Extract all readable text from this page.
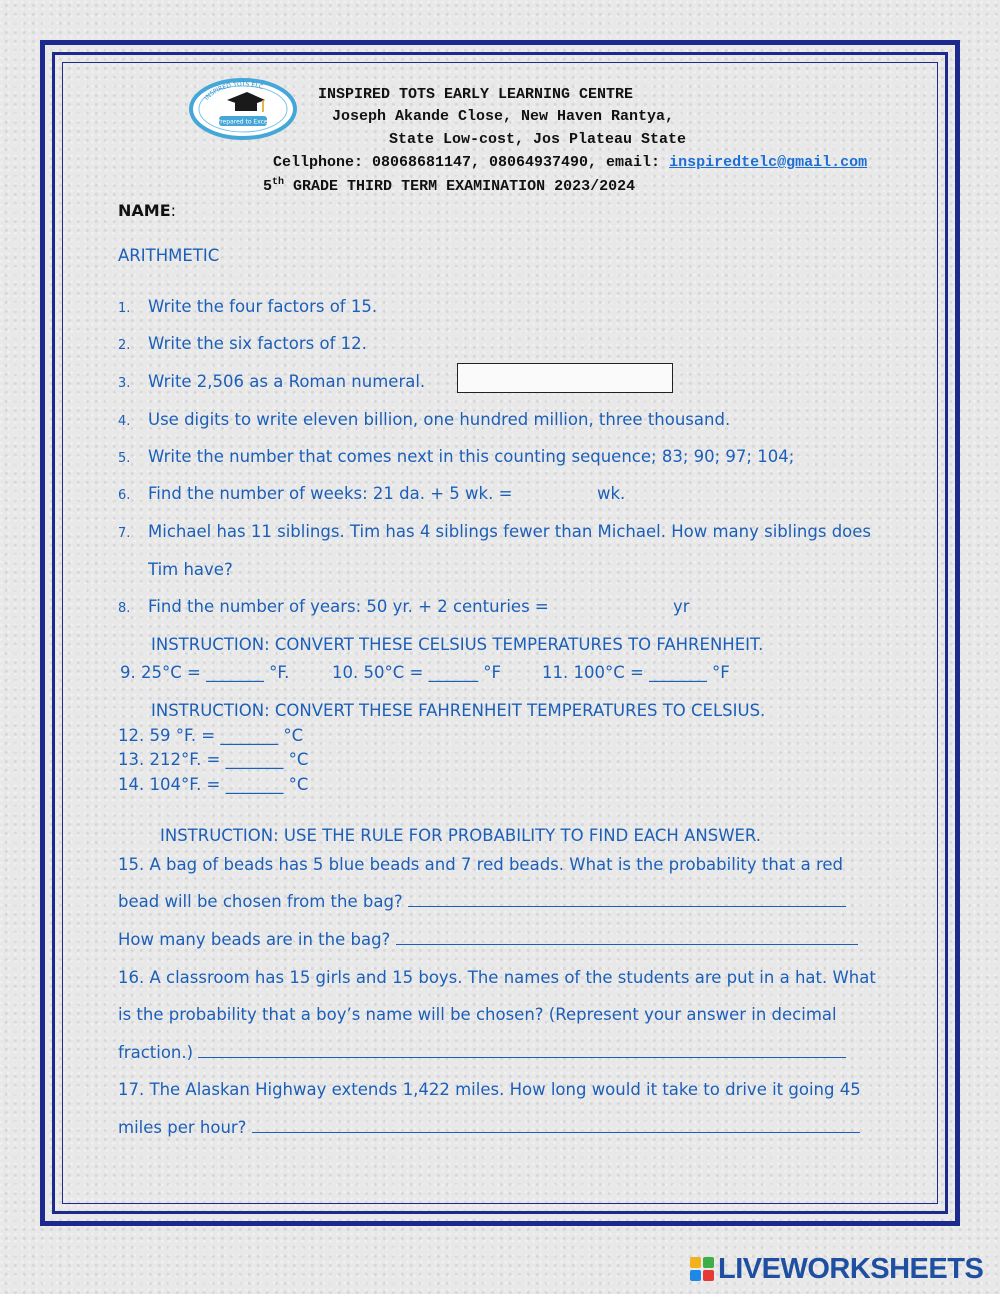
INSPIRED TOTS ELC
Prepared to Excel
INSPIRED TOTS EARLY LEARNING CENTRE
Joseph Akande Close, New Haven Rantya,
State Low-cost, Jos Plateau State
Cellphone: 08068681147, 08064937490, email: inspiredtelc@gmail.com
5th GRADE THIRD TERM EXAMINATION 2023/2024
NAME:
ARITHMETIC
1. Write the four factors of 15.
2. Write the six factors of 12.
3. Write 2,506 as a Roman numeral.
4. Use digits to write eleven billion, one hundred million, three thousand.
5. Write the number that comes next in this counting sequence; 83; 90; 97; 104;
6. Find the number of weeks: 21 da. + 5 wk. =	wk.
7. Michael has 11 siblings. Tim has 4 siblings fewer than Michael. How many siblings does
Tim have?
8. Find the number of years: 50 yr. + 2 centuries =	yr
INSTRUCTION: CONVERT THESE CELSIUS TEMPERATURES TO FAHRENHEIT.
9. 25°C = _______ °F.	10. 50°C = ______ °F 11. 100°C = _______ °F
INSTRUCTION: CONVERT THESE FAHRENHEIT TEMPERATURES TO CELSIUS.
12. 59 °F. = _______ °C
13. 212°F. = _______ °C
14. 104°F. = _______ °C
INSTRUCTION: USE THE RULE FOR PROBABILITY TO FIND EACH ANSWER.
15. A bag of beads has 5 blue beads and 7 red beads. What is the probability that a red
bead will be chosen from the bag?
How many beads are in the bag?
16. A classroom has 15 girls and 15 boys. The names of the students are put in a hat. What
is the probability that a boy’s name will be chosen? (Represent your answer in decimal
fraction.)
17. The Alaskan Highway extends 1,422 miles. How long would it take to drive it going 45
miles per hour?
LIVEWORKSHEETS
